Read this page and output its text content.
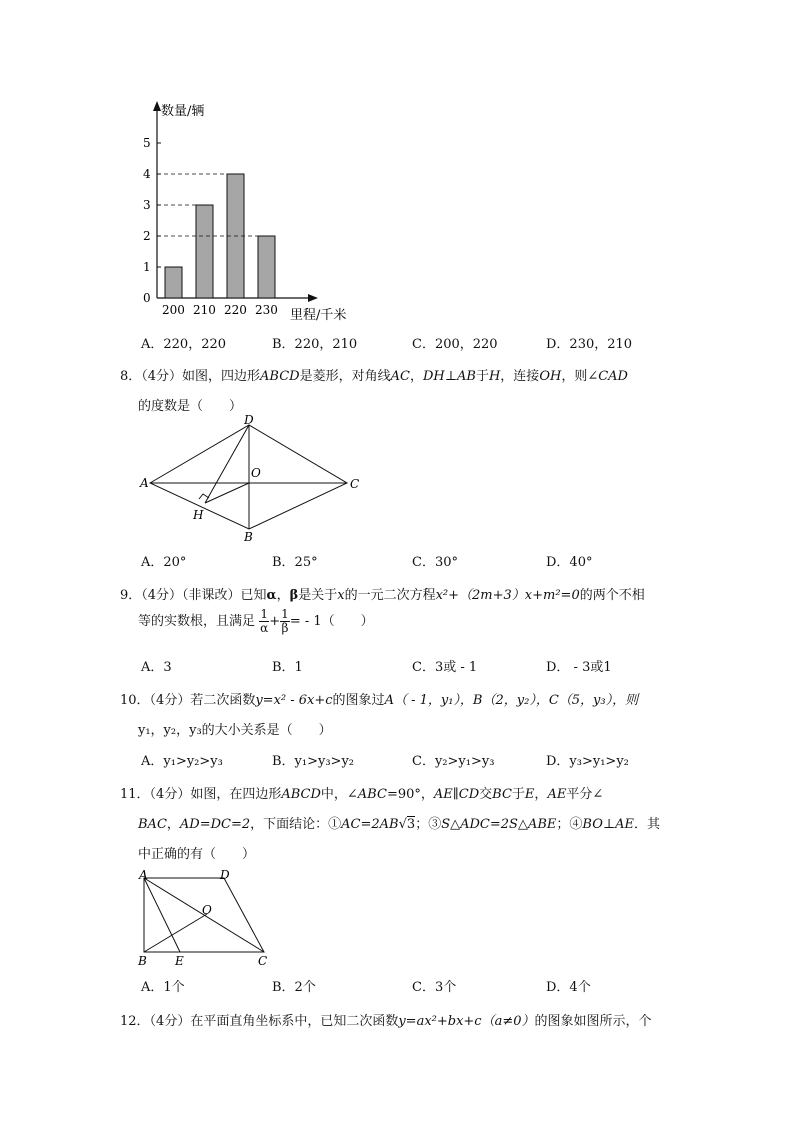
数量/辆
里程/千米
0
1
2
3
4
5
200 210 220 230
A．220，220	B．220，210	C．200，220	D．230，210
8．（4分）如图，四边形ABCD是菱形，对角线AC，DH⊥AB于H，连接OH，则∠CAD
的度数是（　　）
A
D
C
B
O
H
A．20°	B．25°	C．30°	D．40°
9．（4分）（非课改）已知α，β是关于x的一元二次方程x²+（2m+3）x+m²=0的两个不相
等的实数根，且满足 $\frac{1}{\alpha} + \frac{1}{\beta}$ = - 1（　　）
A．3	B．1	C．3或 - 1	D． - 3或1
10．（4分）若二次函数y=x² - 6x+c的图象过A（ - 1，y₁），B（2，y₂），C（5，y₃），则
y₁，y₂，y₃的大小关系是（　　）
A．y₁>y₂>y₃	B．y₁>y₃>y₂	C．y₂>y₁>y₃	D．y₃>y₁>y₂
11．（4分）如图，在四边形ABCD中，∠ABC=90°，AE∥CD交BC于E，AE平分∠
BAC，AD=DC=2，下面结论：①AC=2AB√3；③S△ADC=2S△ABE；④BO⊥AE．其
中正确的有（　　）
A	D
O
B E	C
A．1个	B．2个	C．3个	D．4个
12．（4分）在平面直角坐标系中，已知二次函数y=ax²+bx+c（a≠0）的图象如图所示，个
